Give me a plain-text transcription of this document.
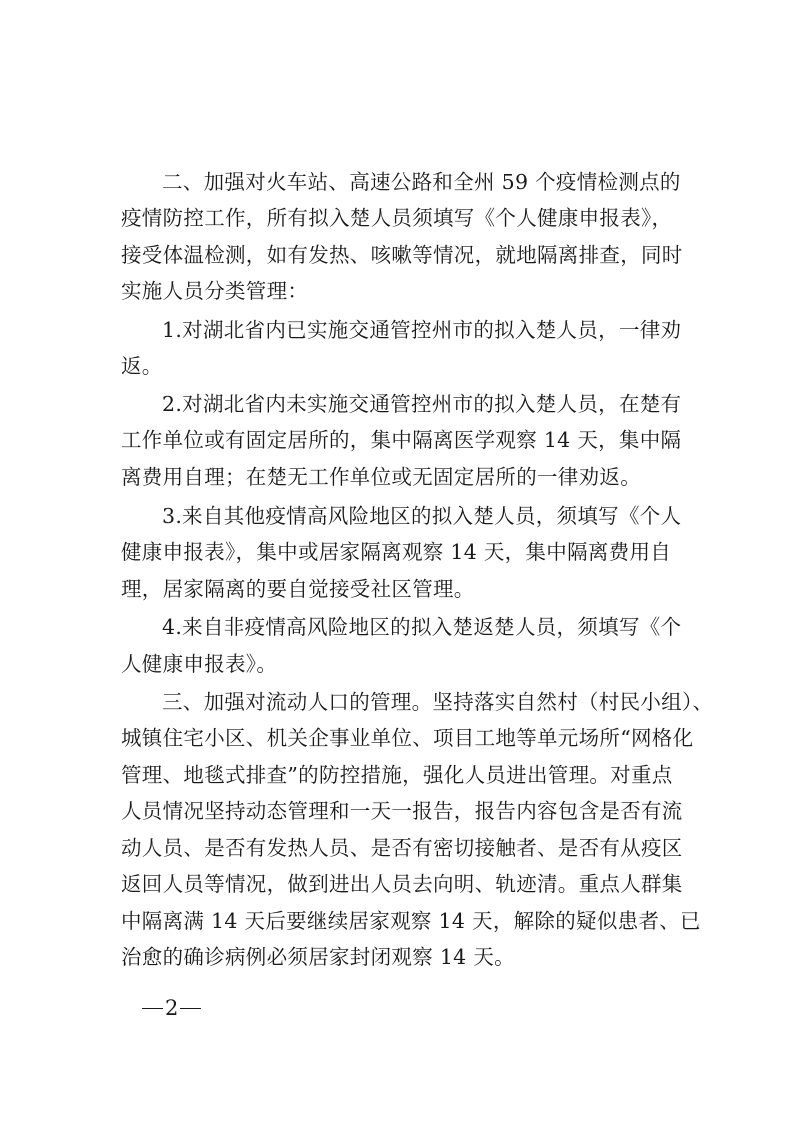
二、加强对火车站、高速公路和全州 59 个疫情检测点的
疫情防控工作，所有拟入楚人员须填写《个人健康申报表》，
接受体温检测，如有发热、咳嗽等情况，就地隔离排查，同时
实施人员分类管理：
1.对湖北省内已实施交通管控州市的拟入楚人员，一律劝
返。
2.对湖北省内未实施交通管控州市的拟入楚人员，在楚有
工作单位或有固定居所的，集中隔离医学观察 14 天，集中隔
离费用自理；在楚无工作单位或无固定居所的一律劝返。
3.来自其他疫情高风险地区的拟入楚人员，须填写《个人
健康申报表》，集中或居家隔离观察 14 天，集中隔离费用自
理，居家隔离的要自觉接受社区管理。
4.来自非疫情高风险地区的拟入楚返楚人员，须填写《个
人健康申报表》。
三、加强对流动人口的管理。坚持落实自然村（村民小组）、
城镇住宅小区、机关企事业单位、项目工地等单元场所“网格化
管理、地毯式排查”的防控措施，强化人员进出管理。对重点
人员情况坚持动态管理和一天一报告，报告内容包含是否有流
动人员、是否有发热人员、是否有密切接触者、是否有从疫区
返回人员等情况，做到进出人员去向明、轨迹清。重点人群集
中隔离满 14 天后要继续居家观察 14 天，解除的疑似患者、已
治愈的确诊病例必须居家封闭观察 14 天。
2
